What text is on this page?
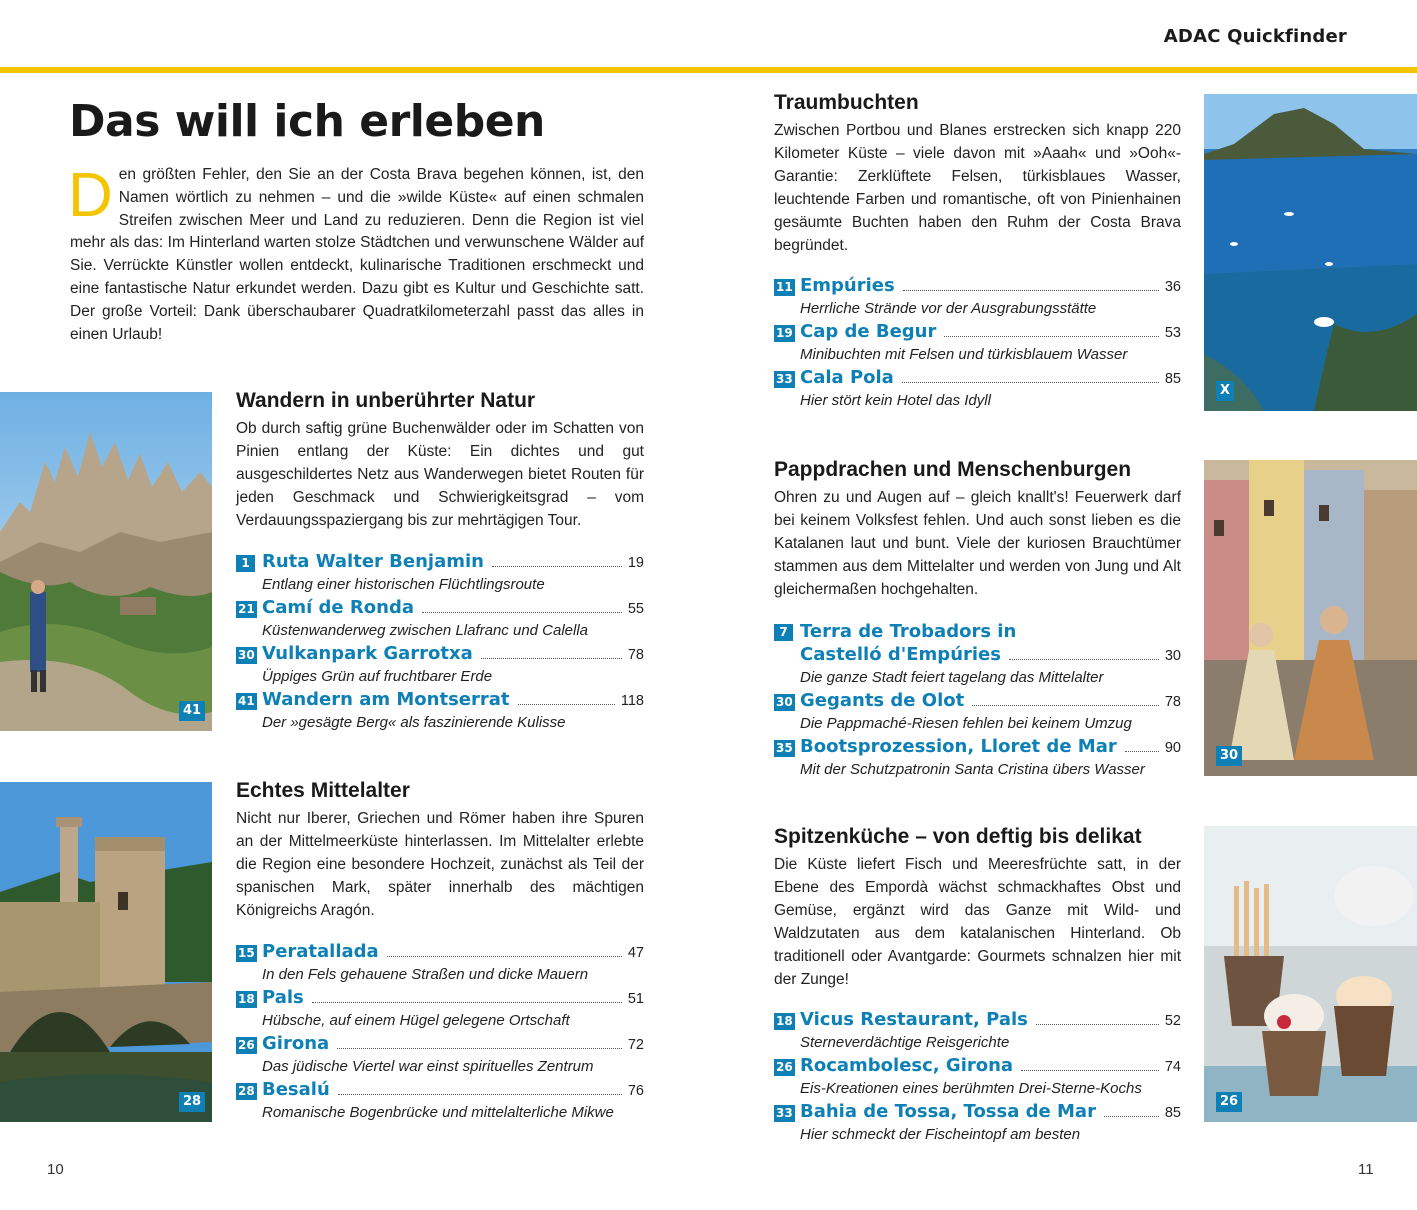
ADAC Quickfinder
Das will ich erleben
Den größten Fehler, den Sie an der Costa Brava begehen können, ist, den Namen wörtlich zu nehmen – und die »wilde Küste« auf einen schmalen Streifen zwischen Meer und Land zu reduzieren. Denn die Region ist viel mehr als das: Im Hinterland warten stolze Städtchen und verwunschene Wälder auf Sie. Verrückte Künstler wollen entdeckt, kulinarische Traditionen erschmeckt und eine fantastische Natur erkundet werden. Dazu gibt es Kultur und Geschichte satt. Der große Vorteil: Dank überschaubarer Quadratkilometerzahl passt das alles in einen Urlaub!
41
28
X
30
26
Wandern in unberührter Natur

Ob durch saftig grüne Buchenwälder oder im Schatten von Pinien entlang der Küste: Ein dichtes und gut ausgeschildertes Netz aus Wanderwegen bietet Routen für jeden Geschmack und Schwierigkeitsgrad – vom Verdauungsspaziergang bis zur mehrtägigen Tour.

1 Ruta Walter Benjamin	19
Entlang einer historischen Flüchtlingsroute
21 Camí de Ronda	55
Küstenwanderweg zwischen Llafranc und Calella
30 Vulkanpark Garrotxa	78
Üppiges Grün auf fruchtbarer Erde
41 Wandern am Montserrat	118
Der »gesägte Berg« als faszinierende Kulisse
Echtes Mittelalter

Nicht nur Iberer, Griechen und Römer haben ihre Spuren an der Mittelmeerküste hinterlassen. Im Mittelalter erlebte die Region eine besondere Hochzeit, zunächst als Teil der spanischen Mark, später innerhalb des mächtigen Königreichs Aragón.

15 Peratallada	47
In den Fels gehauene Straßen und dicke Mauern
18 Pals	51
Hübsche, auf einem Hügel gelegene Ortschaft
26 Girona	72
Das jüdische Viertel war einst spirituelles Zentrum
28 Besalú	76
Romanische Bogenbrücke und mittelalterliche Mikwe
Traumbuchten

Zwischen Portbou und Blanes erstrecken sich knapp 220 Kilometer Küste – viele davon mit »Aaah« und »Ooh«-Garantie: Zerklüftete Felsen, türkisblaues Wasser, leuchtende Farben und romantische, oft von Pinienhainen gesäumte Buchten haben den Ruhm der Costa Brava begründet.

11 Empúries	36
Herrliche Strände vor der Ausgrabungsstätte
19 Cap de Begur	53
Minibuchten mit Felsen und türkisblauem Wasser
33 Cala Pola	85
Hier stört kein Hotel das Idyll
Pappdrachen und Menschenburgen

Ohren zu und Augen auf – gleich knallt's! Feuerwerk darf bei keinem Volksfest fehlen. Und auch sonst lieben es die Katalanen laut und bunt. Viele der kuriosen Brauchtümer stammen aus dem Mittelalter und werden von Jung und Alt gleichermaßen hochgehalten.

7 Terra de Trobadors in
Castelló d'Empúries	30
Die ganze Stadt feiert tagelang das Mittelalter
30 Gegants de Olot	78
Die Pappmaché-Riesen fehlen bei keinem Umzug
35 Bootsprozession, Lloret de Mar	90
Mit der Schutzpatronin Santa Cristina übers Wasser
Spitzenküche – von deftig bis delikat

Die Küste liefert Fisch und Meeresfrüchte satt, in der Ebene des Empordà wächst schmackhaftes Obst und Gemüse, ergänzt wird das Ganze mit Wild- und Waldzutaten aus dem katalanischen Hinterland. Ob traditionell oder Avantgarde: Gourmets schnalzen hier mit der Zunge!

18 Vicus Restaurant, Pals	52
Sterneverdächtige Reisgerichte
26 Rocambolesc, Girona	74
Eis-Kreationen eines berühmten Drei-Sterne-Kochs
33 Bahia de Tossa, Tossa de Mar	85
Hier schmeckt der Fischeintopf am besten
10	11
